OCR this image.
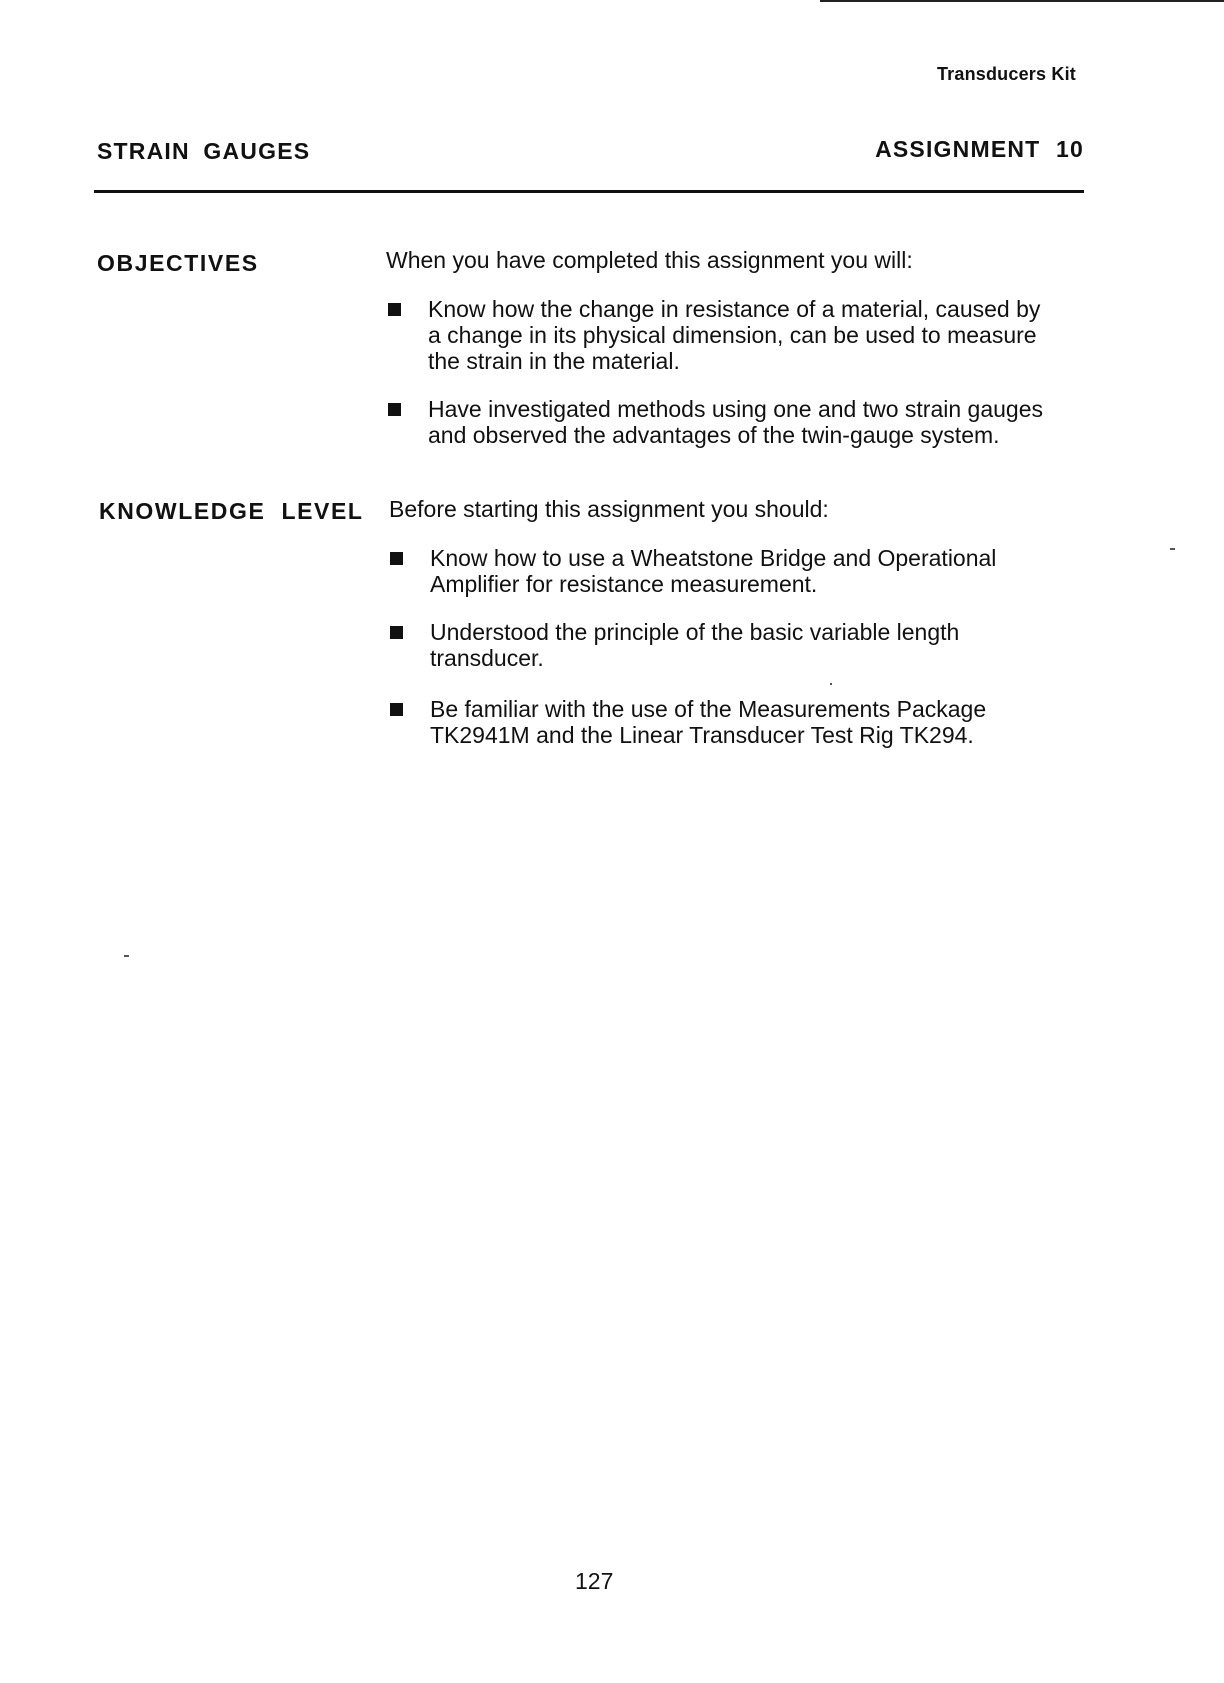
Transducers Kit
STRAIN GAUGES	ASSIGNMENT 10
OBJECTIVES	When you have completed this assignment you will:
Know how the change in resistance of a material, caused by a change in its physical dimension, can be used to measure the strain in the material.
Have investigated methods using one and two strain gauges and observed the advantages of the twin-gauge system.
KNOWLEDGE LEVEL Before starting this assignment you should:
Know how to use a Wheatstone Bridge and Operational Amplifier for resistance measurement.
Understood the principle of the basic variable length transducer.
Be familiar with the use of the Measurements Package TK2941M and the Linear Transducer Test Rig TK294.
127
